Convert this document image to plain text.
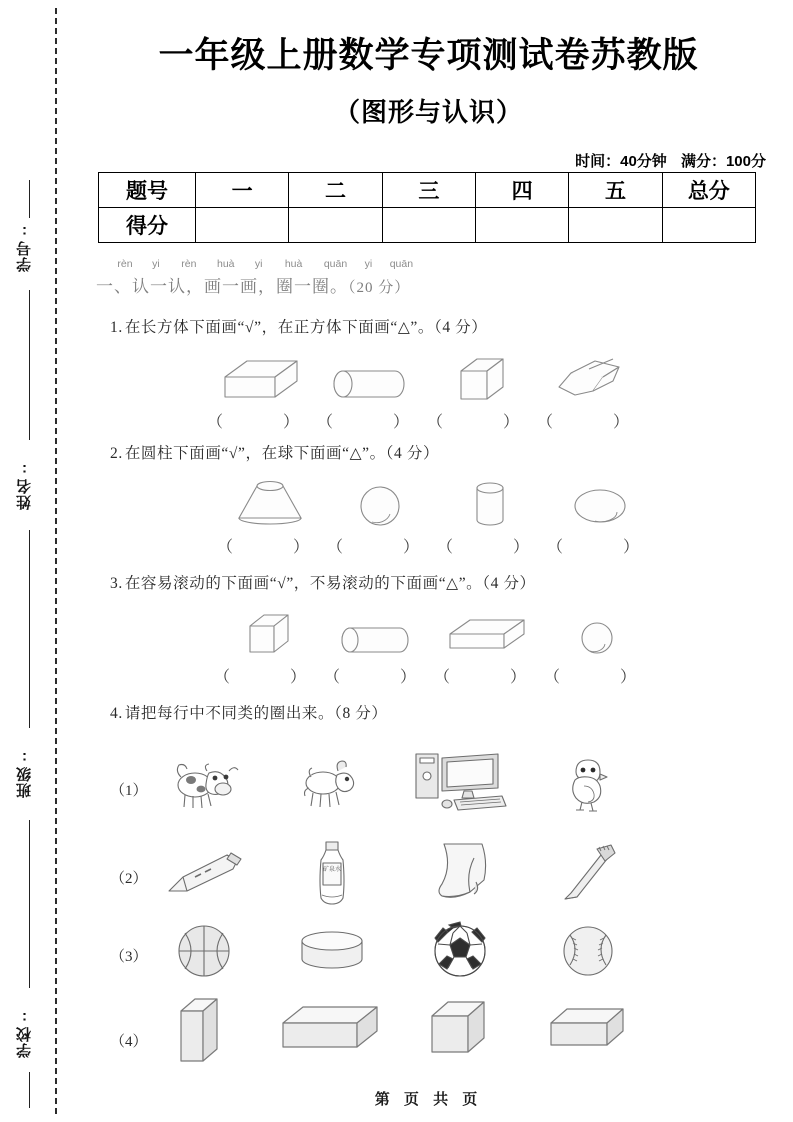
学号:
姓名:
班级:
学校:
一年级上册数学专项测试卷苏教版
（图形与认识）
时间：40分钟 满分：100分
题号	一	二	三	四	五	总分
得分						
rèn yi rèn huà yi huà quān yi quān
一、认一认，画一画，圈一圈。（20 分）
1. 在长方体下面画“√”，在正方体下面画“△”。（4 分）
（　）
（　）
（　）
（　）
2. 在圆柱下面画“√”，在球下面画“△”。（4 分）
（　）
（　）
（　）
（　）
3. 在容易滚动的下面画“√”，不易滚动的下面画“△”。（4 分）
（　）
（　）
（　）
（　）
4. 请把每行中不同类的圈出来。（8 分）
（1）
（2）
矿泉水
（3）
（4）
第 页 共 页
